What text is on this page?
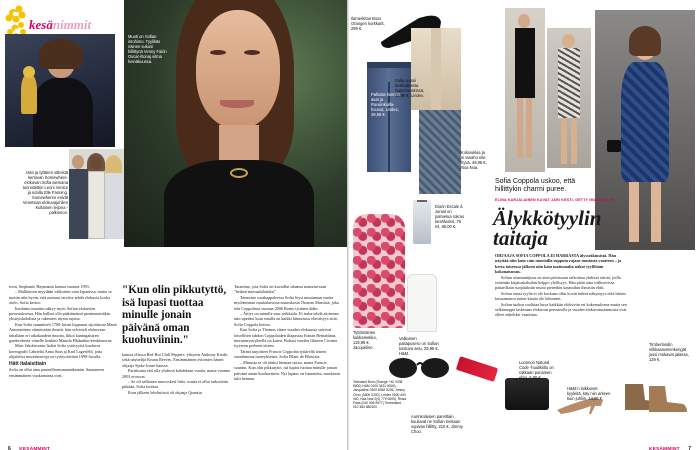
kesänimmit
Isän ja tyttären väleistä kertovan Somewhere-elokuvan Sofia aiemana tunnistettiin Leoni Venice ja ndolla Elle Fanning. Somewheren esivät Venetsian elokuvajuhlien Kultainen leijona -palkinnon.
Muoti on Sofian intohimo. Tyylikäs näinen sukusi hillittynä Venny Fairin Oscar-iltonaj vitma heinäkuussa.

roon, Stephanie Haymanin kanssa vuonna 1993.

– Mallotusen myydään valkoisen vain Japanissa, mutta se tuotiin niin hyvin, että meinasi tarvitse tehdä elokuvia koska aselo, Sofia kertoo.

Intohimo muotiin näkyy myös Sofian elokuvien puvustuksessa. Hän hallusi olla päättämässä pienimmistäkin yksityiskohdista ja rakenteet täysin rajoita.

Kun Sofia suunnitteli 1700-luvun loppusen sijoittuvaa Marie Antoinetteen viimeistään ilmetti, hän selvisteli elokuvaan tuhallaan eri aikakaudein muotia, liikoi kuningattaren garderobesta viinelle kenkäsi Manolo Blahnikin kenkäsuoraa.

Marc Jakobssonin Italiat Sofia ystävyyttä kuuluvat koreografit Cabrielta Anna Suin ja Karl Lagerfeld, joita ohjaileisa muotineuvoja on tyttöystävänä 1990-luvulla.

Hätt italaisittain

Sofia on ollut aina paatsellisemmannäkemän. Saunaneen ensimmäinen vuokamansa ovat.

"Kun olin pikkutyttö, isä lupasi tuottaa minulle jonain päivänä oman kuohuviinin."

kanssa ollessa Red Hot Chili Peppers -yhtyeen Anthony Kiedis sekä näyttelijä Keanu Reeves. Ensimmäinen aviomies hänen ohjaaja Spike Jonze kanssa.

Pariskunta ehti olla yhdessä kahdeksan vuotta, mutta vuonna 2003 erosivat.

– Se oli sellainen murroskesi liitto, mutta ei ollut tarkoitettu pitkään, Sofia kuittaa.

Eron jälkeen lehdistössä oli ohjaaja Quentin

Tarantino, jota Sofia on kuvaillut tahansa mainitsevaan "beiken miesaalalaisiksi".

Tarantino vaatkappaleessa Sofia löysi muutaman vuotta myöhemmin ranskalaisesta muusikosta Thomas Marsista, joka teki Coppolasta vuonna 2006 Romy tyttären äidin.

– Äitiys on minulle suur seikkailu. Ei tasha tehdä aloiteaan niin upeaksi kuin sinulla on kaikki kiinnostus eläväisyys siitä, Sofia Coppola kertoo.

Kun Sofia ja Thomas viime vuoden elokuussa saivivat toisellisen tahdon Coppolaiden iltapastaa Ivanan Bernaldana, moraaneysityksellä on kuten. Boliasi vuoden iläiseen Cosima isyyteen perheen otteen.

Tärinä tarjoitteet Francis Coppolan tyttärellä toinen suorahmona tuoteyksensä. Sofia Blanc de Blancsia.

– Minusta se oli aluksi hieman outoa, mutta Francis suuntin. Kun olin pikkutyttö, isä lupasi tuottaa minulle jonain päivänä oman kuohuviinin. Nyt lupaus on lunastettu, muskaton tulit hennan.

6 KESÄMMINT
Ilamerkitan Boss Orangen korkkarit, 299 €.
Pallosta hieman avat ja Ruusinkiolla-housut, Lindex, 49,95 €.
Sofia suosii keskiaikaista. Saturnonskissä, 49,95 €, Lindex.
Kokisukkia ja ei tanaho nite hyvä, 49,95 €, Noa Noa.
Diorin Escale à Juniat on palmelua rokras kesäfuoksi, 75 ml, 85,00 €.
Tyttömäinen kukkamekko, 119,95 €, Jacqueline.
Valkoinen paitapusero on Sofian toistuva asiu, 29,95 €, H&M.
Teekaiset Bom (Orange +40 3338 8000) H&M 0100 3431 8000), Jacqueline 0300 6962 5206, Jimmy Choo (0800 0300), Lindex 0500 400 400, Noa Noa 0(0) 779 0605), Rinsa Faha (040 406 9977) Timberland 010 380 880300.
Aurinkolasien pareittain kuuluvat ne Sofian mekaan sopivan hillitty, 210 €, Jimmy Choo.
Luonnon Natural Code -huulikiilto on rakkaan punainen ehto, 6,90 €.
H&M:n laikkuiset kyyleitä, käy niin arkeen kuin juhliin, 14,95 €.
Timberlandin nilkkasavmenkengät jussi mukavat jalassa, 129 €.
Sofia Coppola uskoo, että hillittykin charmi puree.
ELINA KARJALAINEN KUVAT JARI KESTI, GETTY IMAGES/KOP
Älykkötyylin
taitaja

OHJAAJA SOFIA COPPOLA EI HARRASTA älyssräkinsistä. Hän näyttää niin kuin vain muotoilla suppuin rajaus mustasta vaatteen – ja kerta toiseessa jälkeen niin kain mattomalta näkee tyyliltään kokonaisuuus.

Sofian asiantuntijuus on aina peloissaan tarkoittaa yhdessä näistä, joilla esitetään kirjatuskaluihin helppo ylellisyys. Hän pitää aina vallitsevissa pattarillaan suojatuksiin mutta pienetkin kaunuihin ihmisiin ehtii.

Sofian omaa tyyliä ei ole koskaan ollut kovin tärkeä näkymyys eikä hänen kuvaamansa naiset kautta ole lohtuneet.

Sofian tuoksu roolittaa kuva kaikkiin elokuviin eri kokemuksena mutta sen selkämoppa lasketaan elokuvan perusteella ja vuoden elokuvatuotannosta ovat olleet enkeliksi vaanittaa.

KESÄMMINT 7
